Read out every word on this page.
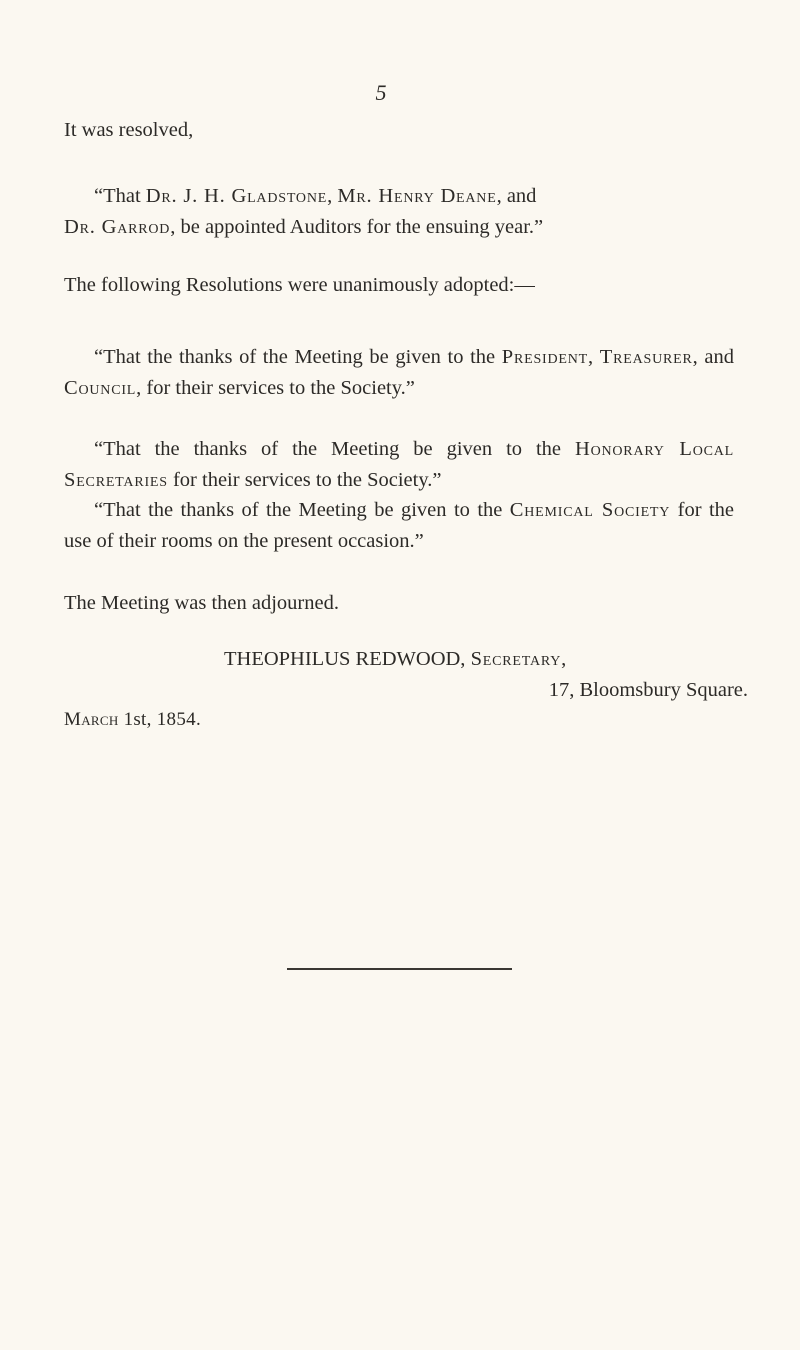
5
It was resolved,
“That Dr. J. H. Gladstone, Mr. Henry Deane, and
Dr. Garrod, be appointed Auditors for the ensuing year.”
The following Resolutions were unanimously adopted:—
“That the thanks of the Meeting be given to the President, Treasurer, and Council, for their services to the Society.”
“That the thanks of the Meeting be given to the Honorary Local Secretaries for their services to the Society.”
“That the thanks of the Meeting be given to the Chemical Society for the use of their rooms on the present occasion.”
The Meeting was then adjourned.
THEOPHILUS REDWOOD, Secretary,
17, Bloomsbury Square.
March 1st, 1854.
